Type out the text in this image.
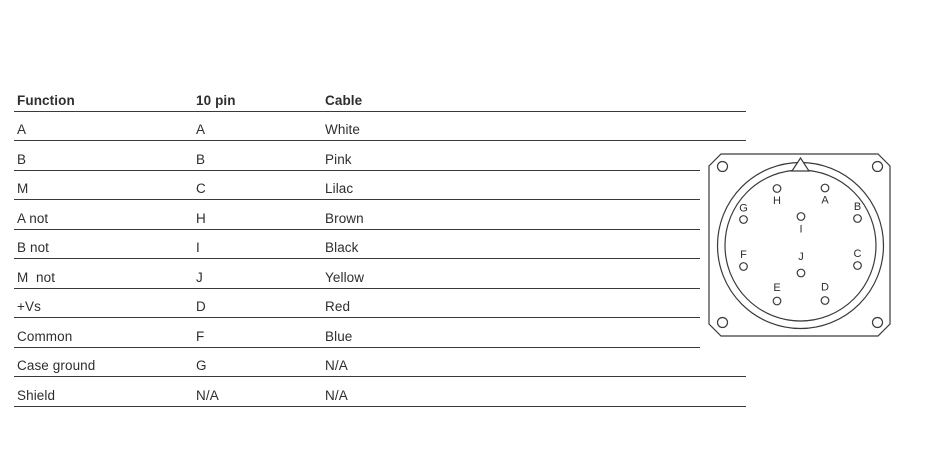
Function	10 pin	Cable
A	A	White
B	B	Pink
M	C	Lilac
A not	H	Brown
B not	I	Black
M  not	J	Yellow
+Vs	D	Red
Common	F	Blue
Case ground	G	N/A
Shield	N/A	N/A
H	A
G	B
I
F	C
J
E	D
